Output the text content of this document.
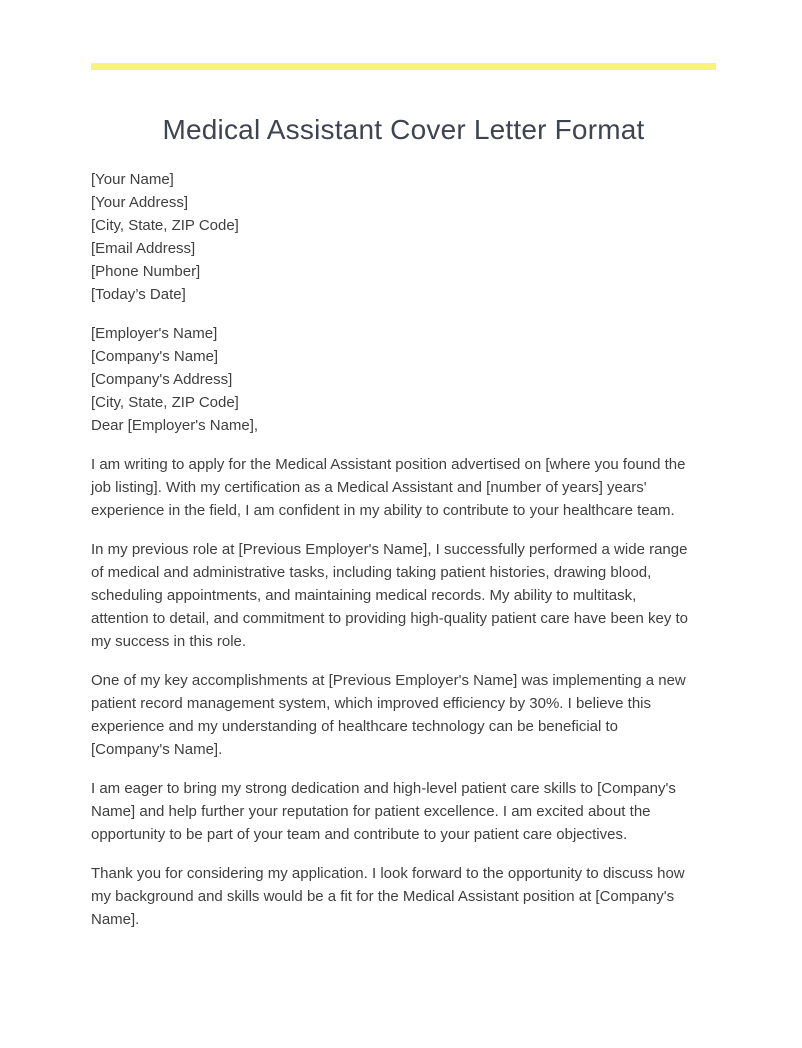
Medical Assistant Cover Letter Format
[Your Name]
[Your Address]
[City, State, ZIP Code]
[Email Address]
[Phone Number]
[Today’s Date]
[Employer's Name]
[Company's Name]
[Company's Address]
[City, State, ZIP Code]
Dear [Employer's Name],

I am writing to apply for the Medical Assistant position advertised on [where you found the job listing]. With my certification as a Medical Assistant and [number of years] years' experience in the field, I am confident in my ability to contribute to your healthcare team.

In my previous role at [Previous Employer's Name], I successfully performed a wide range of medical and administrative tasks, including taking patient histories, drawing blood, scheduling appointments, and maintaining medical records. My ability to multitask, attention to detail, and commitment to providing high-quality patient care have been key to my success in this role.

One of my key accomplishments at [Previous Employer's Name] was implementing a new patient record management system, which improved efficiency by 30%. I believe this experience and my understanding of healthcare technology can be beneficial to [Company's Name].

I am eager to bring my strong dedication and high-level patient care skills to [Company's Name] and help further your reputation for patient excellence. I am excited about the opportunity to be part of your team and contribute to your patient care objectives.

Thank you for considering my application. I look forward to the opportunity to discuss how my background and skills would be a fit for the Medical Assistant position at [Company's Name].
